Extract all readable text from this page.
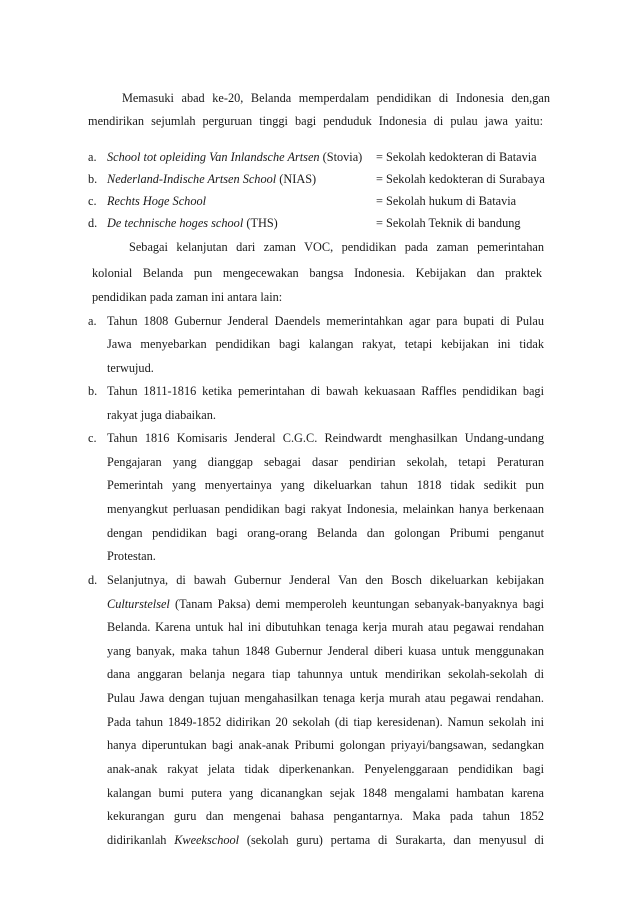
Memasuki abad ke-20, Belanda memperdalam pendidikan di Indonesia den,gan
mendirikan sejumlah perguruan tinggi bagi penduduk Indonesia di pulau jawa yaitu:
a. School tot opleiding Van Inlandsche Artsen (Stovia) = Sekolah kedokteran di Batavia
b. Nederland-Indische Artsen School (NIAS)	= Sekolah kedokteran di Surabaya
c. Rechts Hoge School	= Sekolah hukum di Batavia
d. De technische hoges school (THS)	= Sekolah Teknik di bandung
Sebagai kelanjutan dari zaman VOC, pendidikan pada zaman pemerintahan
kolonial Belanda pun mengecewakan bangsa Indonesia. Kebijakan dan praktek
pendidikan pada zaman ini antara lain:
a. Tahun 1808 Gubernur Jenderal Daendels memerintahkan agar para bupati di Pulau
Jawa menyebarkan pendidikan bagi kalangan rakyat, tetapi kebijakan ini tidak
terwujud.
b. Tahun 1811-1816 ketika pemerintahan di bawah kekuasaan Raffles pendidikan bagi
rakyat juga diabaikan.
c. Tahun 1816 Komisaris Jenderal C.G.C. Reindwardt menghasilkan Undang-undang
Pengajaran yang dianggap sebagai dasar pendirian sekolah, tetapi Peraturan
Pemerintah yang menyertainya yang dikeluarkan tahun 1818 tidak sedikit pun
menyangkut perluasan pendidikan bagi rakyat Indonesia, melainkan hanya berkenaan
dengan pendidikan bagi orang-orang Belanda dan golongan Pribumi penganut
Protestan.
d. Selanjutnya, di bawah Gubernur Jenderal Van den Bosch dikeluarkan kebijakan
Culturstelsel (Tanam Paksa) demi memperoleh keuntungan sebanyak-banyaknya bagi
Belanda. Karena untuk hal ini dibutuhkan tenaga kerja murah atau pegawai rendahan
yang banyak, maka tahun 1848 Gubernur Jenderal diberi kuasa untuk menggunakan
dana anggaran belanja negara tiap tahunnya untuk mendirikan sekolah-sekolah di
Pulau Jawa dengan tujuan mengahasilkan tenaga kerja murah atau pegawai rendahan.
Pada tahun 1849-1852 didirikan 20 sekolah (di tiap keresidenan). Namun sekolah ini
hanya diperuntukan bagi anak-anak Pribumi golongan priyayi/bangsawan, sedangkan
anak-anak rakyat jelata tidak diperkenankan. Penyelenggaraan pendidikan bagi
kalangan bumi putera yang dicanangkan sejak 1848 mengalami hambatan karena
kekurangan guru dan mengenai bahasa pengantarnya. Maka pada tahun 1852
didirikanlah Kweekschool (sekolah guru) pertama di Surakarta, dan menyusul di
